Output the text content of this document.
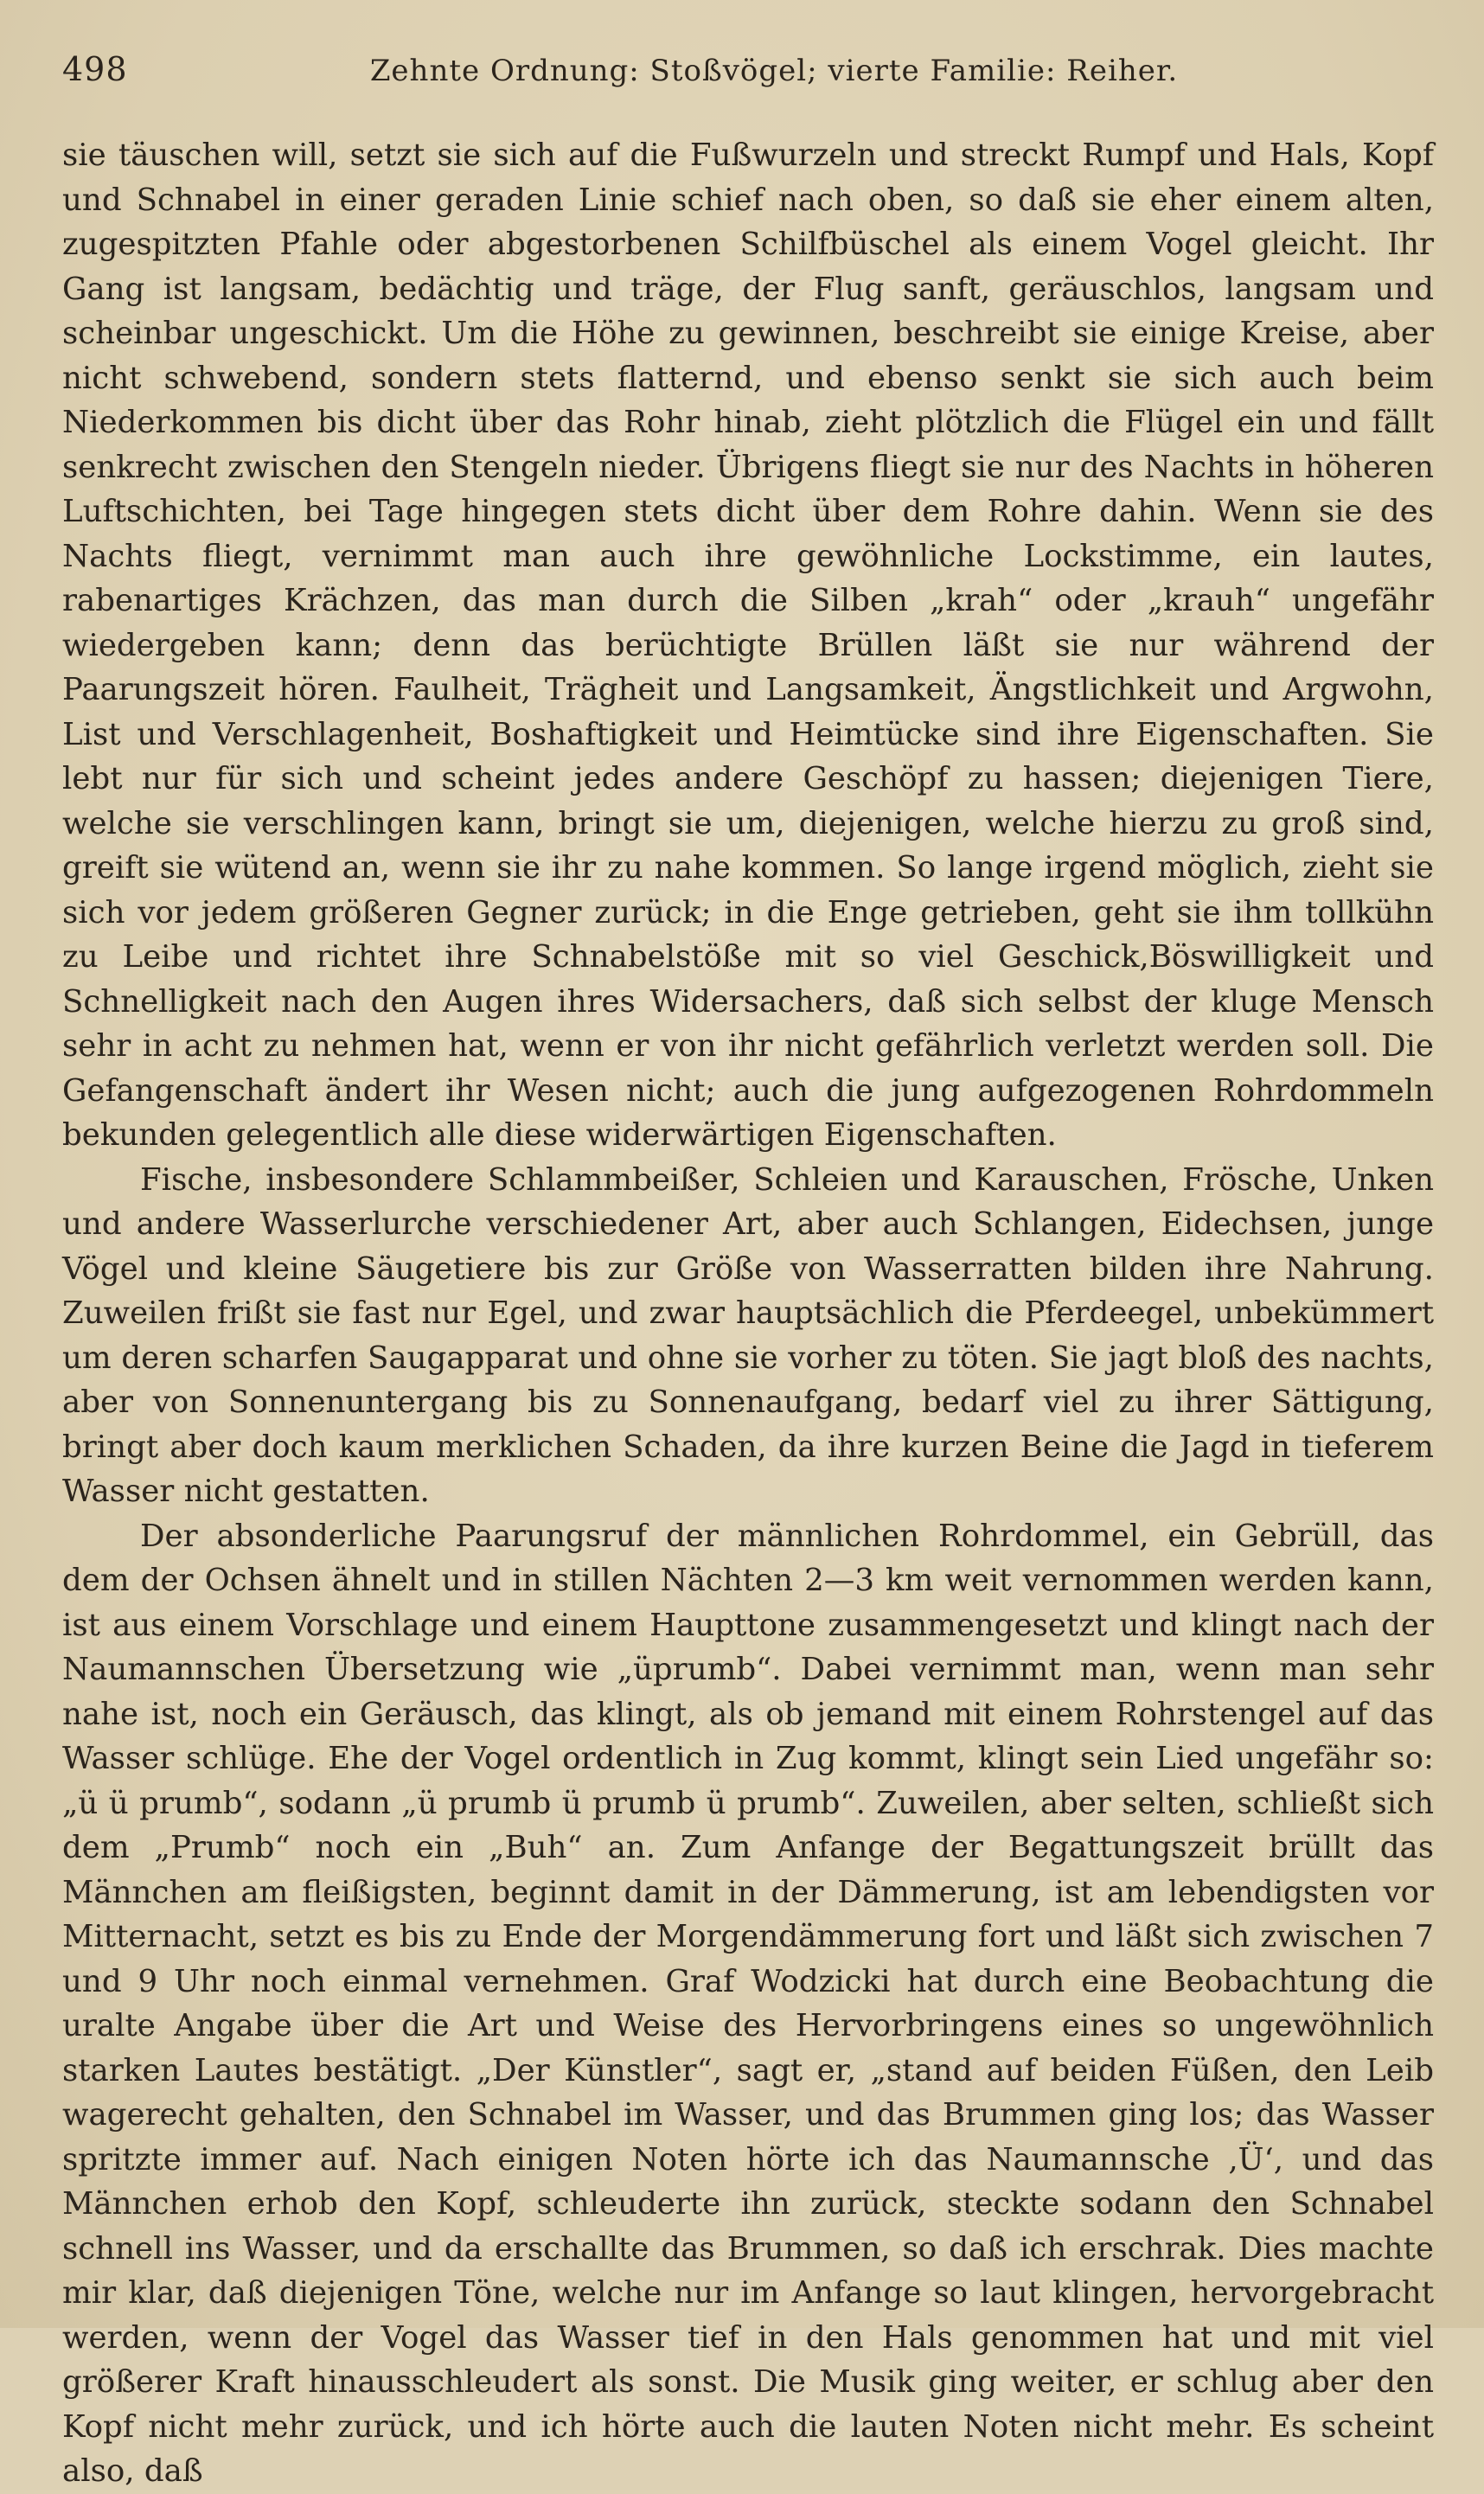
498	Zehnte Ordnung: Stoßvögel; vierte Familie: Reiher.

sie täuschen will, setzt sie sich auf die Fußwurzeln und streckt Rumpf und Hals, Kopf und Schnabel in einer geraden Linie schief nach oben, so daß sie eher einem alten, zugespitzten Pfahle oder abgestorbenen Schilfbüschel als einem Vogel gleicht. Ihr Gang ist langsam, bedächtig und träge, der Flug sanft, geräuschlos, langsam und scheinbar ungeschickt. Um die Höhe zu gewinnen, beschreibt sie einige Kreise, aber nicht schwebend, sondern stets flatternd, und ebenso senkt sie sich auch beim Niederkommen bis dicht über das Rohr hinab, zieht plötzlich die Flügel ein und fällt senkrecht zwischen den Stengeln nieder. Übrigens fliegt sie nur des Nachts in höheren Luftschichten, bei Tage hingegen stets dicht über dem Rohre dahin. Wenn sie des Nachts fliegt, vernimmt man auch ihre gewöhnliche Lockstimme, ein lautes, rabenartiges Krächzen, das man durch die Silben „krah“ oder „krauh“ ungefähr wiedergeben kann; denn das berüchtigte Brüllen läßt sie nur während der Paarungszeit hören. Faulheit, Trägheit und Langsamkeit, Ängstlichkeit und Argwohn, List und Verschlagenheit, Boshaftigkeit und Heimtücke sind ihre Eigenschaften. Sie lebt nur für sich und scheint jedes andere Geschöpf zu hassen; diejenigen Tiere, welche sie verschlingen kann, bringt sie um, diejenigen, welche hierzu zu groß sind, greift sie wütend an, wenn sie ihr zu nahe kommen. So lange irgend möglich, zieht sie sich vor jedem größeren Gegner zurück; in die Enge getrieben, geht sie ihm tollkühn zu Leibe und richtet ihre Schnabelstöße mit so viel Geschick,Böswilligkeit und Schnelligkeit nach den Augen ihres Widersachers, daß sich selbst der kluge Mensch sehr in acht zu nehmen hat, wenn er von ihr nicht gefährlich verletzt werden soll. Die Gefangenschaft ändert ihr Wesen nicht; auch die jung aufgezogenen Rohrdommeln bekunden gelegentlich alle diese widerwärtigen Eigenschaften.

Fische, insbesondere Schlammbeißer, Schleien und Karauschen, Frösche, Unken und andere Wasserlurche verschiedener Art, aber auch Schlangen, Eidechsen, junge Vögel und kleine Säugetiere bis zur Größe von Wasserratten bilden ihre Nahrung. Zuweilen frißt sie fast nur Egel, und zwar hauptsächlich die Pferdeegel, unbekümmert um deren scharfen Saugapparat und ohne sie vorher zu töten. Sie jagt bloß des nachts, aber von Sonnenuntergang bis zu Sonnenaufgang, bedarf viel zu ihrer Sättigung, bringt aber doch kaum merklichen Schaden, da ihre kurzen Beine die Jagd in tieferem Wasser nicht gestatten.

Der absonderliche Paarungsruf der männlichen Rohrdommel, ein Gebrüll, das dem der Ochsen ähnelt und in stillen Nächten 2—3 km weit vernommen werden kann, ist aus einem Vorschlage und einem Haupttone zusammengesetzt und klingt nach der Naumannschen Übersetzung wie „üprumb“. Dabei vernimmt man, wenn man sehr nahe ist, noch ein Geräusch, das klingt, als ob jemand mit einem Rohrstengel auf das Wasser schlüge. Ehe der Vogel ordentlich in Zug kommt, klingt sein Lied ungefähr so: „ü ü prumb“, sodann „ü prumb ü prumb ü prumb“. Zuweilen, aber selten, schließt sich dem „Prumb“ noch ein „Buh“ an. Zum Anfange der Begattungszeit brüllt das Männchen am fleißigsten, beginnt damit in der Dämmerung, ist am lebendigsten vor Mitternacht, setzt es bis zu Ende der Morgendämmerung fort und läßt sich zwischen 7 und 9 Uhr noch einmal vernehmen. Graf Wodzicki hat durch eine Beobachtung die uralte Angabe über die Art und Weise des Hervorbringens eines so ungewöhnlich starken Lautes bestätigt. „Der Künstler“, sagt er, „stand auf beiden Füßen, den Leib wagerecht gehalten, den Schnabel im Wasser, und das Brummen ging los; das Wasser spritzte immer auf. Nach einigen Noten hörte ich das Naumannsche ‚Ü‘, und das Männchen erhob den Kopf, schleuderte ihn zurück, steckte sodann den Schnabel schnell ins Wasser, und da erschallte das Brummen, so daß ich erschrak. Dies machte mir klar, daß diejenigen Töne, welche nur im Anfange so laut klingen, hervorgebracht werden, wenn der Vogel das Wasser tief in den Hals genommen hat und mit viel größerer Kraft hinausschleudert als sonst. Die Musik ging weiter, er schlug aber den Kopf nicht mehr zurück, und ich hörte auch die lauten Noten nicht mehr. Es scheint also, daß
